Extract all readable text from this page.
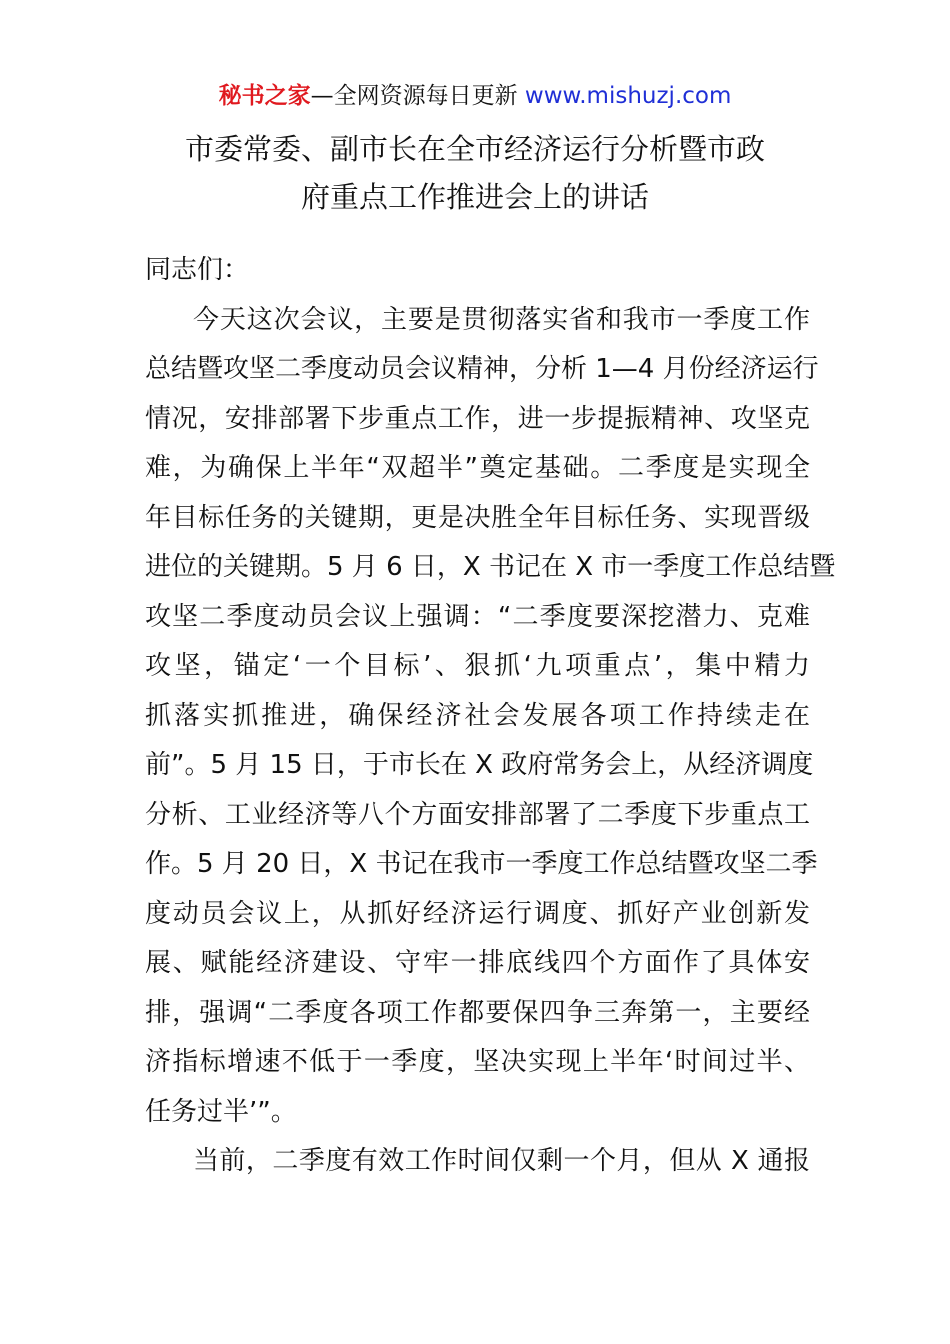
秘书之家—全网资源每日更新 www.mishuzj.com
市委常委、副市长在全市经济运行分析暨市政
府重点工作推进会上的讲话
同志们：
今天这次会议，主要是贯彻落实省和我市一季度工作
总结暨攻坚二季度动员会议精神，分析 1—4 月份经济运行
情况，安排部署下步重点工作，进一步提振精神、攻坚克
难，为确保上半年“双超半”奠定基础。二季度是实现全
年目标任务的关键期，更是决胜全年目标任务、实现晋级
进位的关键期。5 月 6 日，X 书记在 X 市一季度工作总结暨
攻坚二季度动员会议上强调：“二季度要深挖潜力、克难
攻坚，锚定‘一个目标’、狠抓‘九项重点’，集中精力
抓落实抓推进，确保经济社会发展各项工作持续走在
前”。5 月 15 日，于市长在 X 政府常务会上，从经济调度
分析、工业经济等八个方面安排部署了二季度下步重点工
作。5 月 20 日，X 书记在我市一季度工作总结暨攻坚二季
度动员会议上，从抓好经济运行调度、抓好产业创新发
展、赋能经济建设、守牢一排底线四个方面作了具体安
排，强调“二季度各项工作都要保四争三奔第一，主要经
济指标增速不低于一季度，坚决实现上半年‘时间过半、
任务过半’”。
当前，二季度有效工作时间仅剩一个月，但从 X 通报
